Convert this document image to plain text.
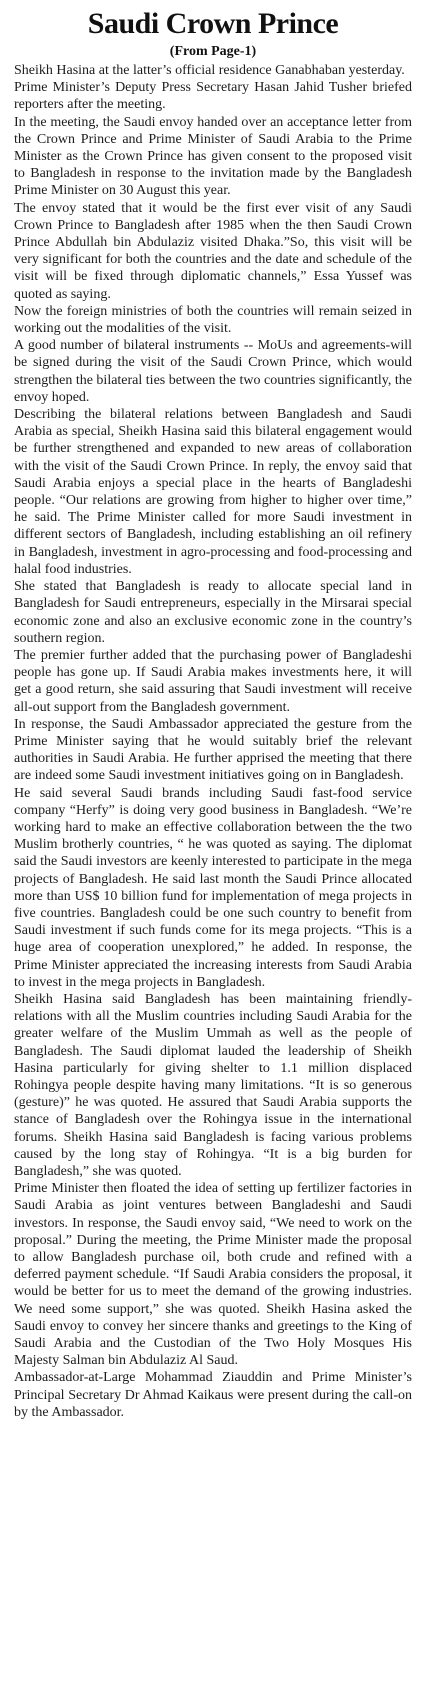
Saudi Crown Prince
(From Page-1)

Sheikh Hasina at the latter’s official residence Ganabhaban yesterday.

Prime Minister’s Deputy Press Secretary Hasan Jahid Tusher briefed reporters after the meeting.

In the meeting, the Saudi envoy handed over an acceptance letter from the Crown Prince and Prime Minister of Saudi Arabia to the Prime Minister as the Crown Prince has given consent to the proposed visit to Bangladesh in response to the invitation made by the Bangladesh Prime Minister on 30 August this year.

The envoy stated that it would be the first ever visit of any Saudi Crown Prince to Bangladesh after 1985 when the then Saudi Crown Prince Abdullah bin Abdulaziz visited Dhaka.”So, this visit will be very significant for both the countries and the date and schedule of the visit will be fixed through diplomatic channels,” Essa Yussef was quoted as saying.

Now the foreign ministries of both the countries will remain seized in working out the modalities of the visit.

A good number of bilateral instruments -- MoUs and agreements-will be signed during the visit of the Saudi Crown Prince, which would strengthen the bilateral ties between the two countries significantly, the envoy hoped.

Describing the bilateral relations between Bangladesh and Saudi Arabia as special, Sheikh Hasina said this bilateral engagement would be further strengthened and expanded to new areas of collaboration with the visit of the Saudi Crown Prince. In reply, the envoy said that Saudi Arabia enjoys a special place in the hearts of Bangladeshi people. “Our relations are growing from higher to higher over time,” he said. The Prime Minister called for more Saudi investment in different sectors of Bangladesh, including establishing an oil refinery in Bangladesh, investment in agro-processing and food-processing and halal food industries.

She stated that Bangladesh is ready to allocate special land in Bangladesh for Saudi entrepreneurs, especially in the Mirsarai special economic zone and also an exclusive economic zone in the country’s southern region.

The premier further added that the purchasing power of Bangladeshi people has gone up. If Saudi Arabia makes investments here, it will get a good return, she said assuring that Saudi investment will receive all-out support from the Bangladesh government.

In response, the Saudi Ambassador appreciated the gesture from the Prime Minister saying that he would suitably brief the relevant authorities in Saudi Arabia. He further apprised the meeting that there are indeed some Saudi investment initiatives going on in Bangladesh.

He said several Saudi brands including Saudi fast-food service company “Herfy” is doing very good business in Bangladesh. “We’re working hard to make an effective collaboration between the the two Muslim brotherly countries, “ he was quoted as saying. The diplomat said the Saudi investors are keenly interested to participate in the mega projects of Bangladesh. He said last month the Saudi Prince allocated more than US$ 10 billion fund for implementation of mega projects in five countries. Bangladesh could be one such country to benefit from Saudi investment if such funds come for its mega projects. “This is a huge area of cooperation unexplored,” he added. In response, the Prime Minister appreciated the increasing interests from Saudi Arabia to invest in the mega projects in Bangladesh.

Sheikh Hasina said Bangladesh has been maintaining friendly-relations with all the Muslim countries including Saudi Arabia for the greater welfare of the Muslim Ummah as well as the people of Bangladesh. The Saudi diplomat lauded the leadership of Sheikh Hasina particularly for giving shelter to 1.1 million displaced Rohingya people despite having many limitations. “It is so generous (gesture)” he was quoted. He assured that Saudi Arabia supports the stance of Bangladesh over the Rohingya issue in the international forums. Sheikh Hasina said Bangladesh is facing various problems caused by the long stay of Rohingya. “It is a big burden for Bangladesh,” she was quoted.

Prime Minister then floated the idea of setting up fertilizer factories in Saudi Arabia as joint ventures between Bangladeshi and Saudi investors. In response, the Saudi envoy said, “We need to work on the proposal.” During the meeting, the Prime Minister made the proposal to allow Bangladesh purchase oil, both crude and refined with a deferred payment schedule. “If Saudi Arabia considers the proposal, it would be better for us to meet the demand of the growing industries. We need some support,” she was quoted. Sheikh Hasina asked the Saudi envoy to convey her sincere thanks and greetings to the King of Saudi Arabia and the Custodian of the Two Holy Mosques His Majesty Salman bin Abdulaziz Al Saud.

Ambassador-at-Large Mohammad Ziauddin and Prime Minister’s Principal Secretary Dr Ahmad Kaikaus were present during the call-on by the Ambassador.
